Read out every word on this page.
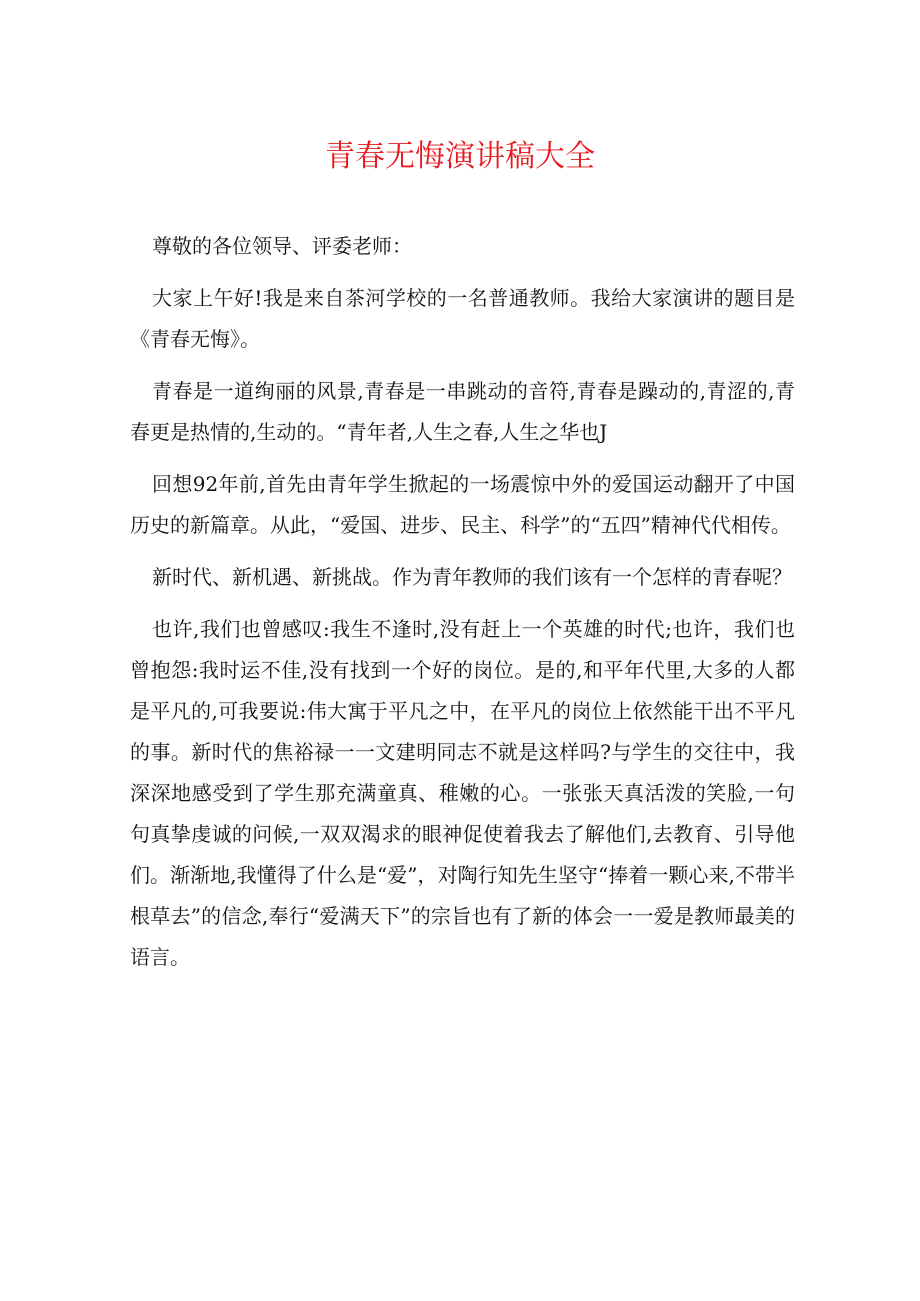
青春无悔演讲稿大全

尊敬的各位领导、评委老师：

大家上午好!我是来自茶河学校的一名普通教师。我给大家演讲的题目是《青春无悔》。

青春是一道绚丽的风景,青春是一串跳动的音符,青春是躁动的,青涩的,青春更是热情的,生动的。“青年者,人生之春,人生之华也J

回想92年前,首先由青年学生掀起的一场震惊中外的爱国运动翻开了中国历史的新篇章。从此，“爱国、进步、民主、科学”的“五四”精神代代相传。

新时代、新机遇、新挑战。作为青年教师的我们该有一个怎样的青春呢？

也许,我们也曾感叹:我生不逢时,没有赶上一个英雄的时代;也许，我们也曾抱怨:我时运不佳,没有找到一个好的岗位。是的,和平年代里,大多的人都是平凡的,可我要说:伟大寓于平凡之中，在平凡的岗位上依然能干出不平凡的事。新时代的焦裕禄一一文建明同志不就是这样吗?与学生的交往中，我深深地感受到了学生那充满童真、稚嫩的心。一张张天真活泼的笑脸,一句句真挚虔诚的问候,一双双渴求的眼神促使着我去了解他们,去教育、引导他们。渐渐地,我懂得了什么是“爱”，对陶行知先生坚守“捧着一颗心来,不带半根草去”的信念,奉行“爱满天下”的宗旨也有了新的体会一一爱是教师最美的语言。
